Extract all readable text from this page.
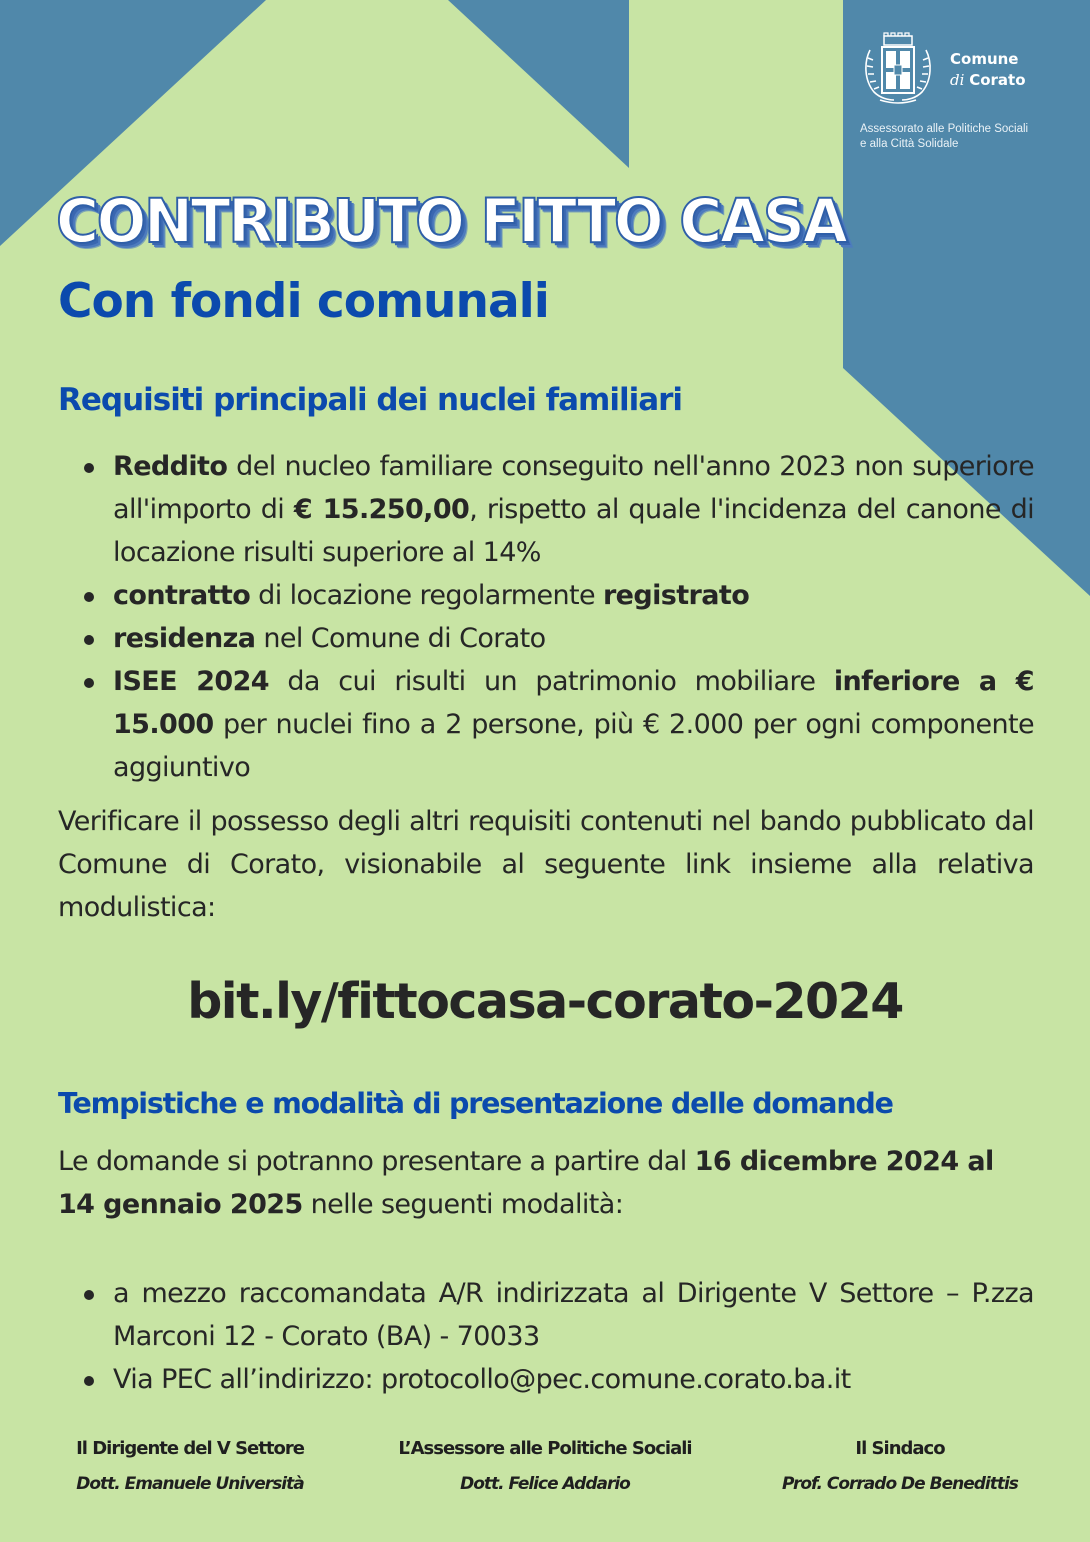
Comune
di Corato
Assessorato alle Politiche Sociali
e alla Città Solidale
CONTRIBUTO FITTO CASA
Con fondi comunali
Requisiti principali dei nuclei familiari
Reddito del nucleo familiare conseguito nell'anno 2023 non superiore all'importo di € 15.250,00, rispetto al quale l'incidenza del canone di locazione risulti superiore al 14%
contratto di locazione regolarmente registrato
residenza nel Comune di Corato
ISEE 2024 da cui risulti un patrimonio mobiliare inferiore a € 15.000 per nuclei fino a 2 persone, più € 2.000 per ogni componente aggiuntivo
Verificare il possesso degli altri requisiti contenuti nel bando pubblicato dal Comune di Corato, visionabile al seguente link insieme alla relativa modulistica:
bit.ly/fittocasa-corato-2024
Tempistiche e modalità di presentazione delle domande
Le domande si potranno presentare a partire dal 16 dicembre 2024 al 14 gennaio 2025 nelle seguenti modalità:
a mezzo raccomandata A/R indirizzata al Dirigente V Settore – P.zza Marconi 12 - Corato (BA) - 70033
Via PEC all’indirizzo: protocollo@pec.comune.corato.ba.it
Il Dirigente del V Settore
Dott. Emanuele Università
L’Assessore alle Politiche Sociali
Dott. Felice Addario
Il Sindaco
Prof. Corrado De Benedittis
